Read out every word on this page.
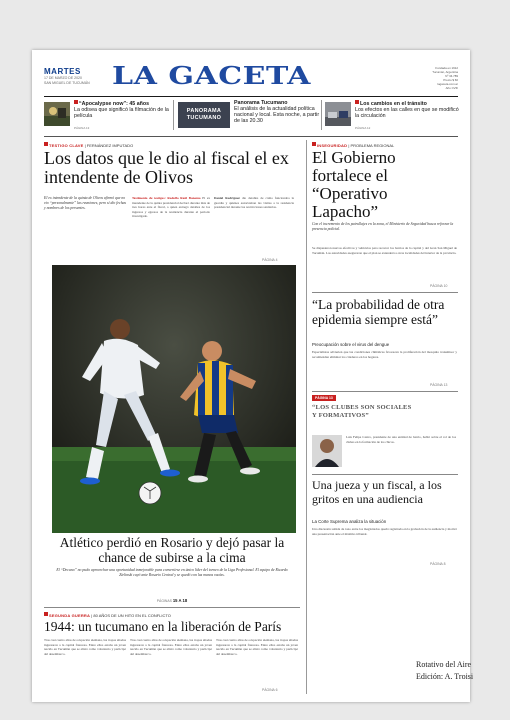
MARTES
17 DE MARZO DE 2020
SAN MIGUEL DE TUCUMÁN LA GACETA	Fundada en 1912
Tucumán, Argentina
Nº 34.789
Precio $ 60
lagaceta.com.ar
Año CVIII
“Apocalypse now”: 45 años
La odisea que significó la filmación de la película
PÁGINA 13
PANORAMA TUCUMANO
Panorama Tucumano
El análisis de la actualidad política nacional y local. Esta noche, a partir de las 20.30
Los cambios en el tránsito
Los efectos en las calles en que se modificó la circulación
PÁGINA 12
TESTIGO CLAVE | FERNÁNDEZ IMPUTADO
Los datos que le dio al fiscal el ex intendente de Olivos
El ex intendente de la quinta de Olivos afirmó que no vio “personalmente” las reuniones, pero sí dio fechas y nombres de los presentes.
Testimonio de testigos: Rodolfo Raúl Bonomo El ex intendente de la quinta presidencial declaró durante más de tres horas ante el fiscal, a quien entregó detalles de los ingresos y egresos de la residencia durante el período investigado.
Daniel Rodríguez dio detalles de cómo funcionaba la guardia y quiénes autorizaban las visitas a la residencia presidencial durante las restricciones sanitarias.
PÁGINA 4
Atlético perdió en Rosario y dejó pasar la chance de subirse a la cima
El “Decano” no pudo aprovechar una oportunidad inmejorable para convertirse en único líder del torneo de la Liga Profesional. El equipo de Ricardo Zielinski cayó ante Rosario Central y se quedó con las manos vacías.
PÁGINAS 15 A 18
SEGUNDA GUERRA | 80 AÑOS DE UN HITO EN EL CONFLICTO
1944: un tucumano en la liberación de París
Tras casi cuatro años de ocupación alemana, las tropas aliadas ingresaron a la capital francesa. Entre ellos estaba un joven nacido en Tucumán que se alistó como voluntario y participó del desembarco.
Tras casi cuatro años de ocupación alemana, las tropas aliadas ingresaron a la capital francesa. Entre ellos estaba un joven nacido en Tucumán que se alistó como voluntario y participó del desembarco.
Tras casi cuatro años de ocupación alemana, las tropas aliadas ingresaron a la capital francesa. Entre ellos estaba un joven nacido en Tucumán que se alistó como voluntario y participó del desembarco.
PÁGINA 6
INSEGURIDAD | PROBLEMA REGIONAL
El Gobierno fortalece el “Operativo Lapacho”
Con el incremento de los patrullajes en la zona, el Ministerio de Seguridad busca reforzar la presencia policial.
Se dispusieron nuevos efectivos y vehículos para recorrer los barrios de la capital y del Gran San Miguel de Tucumán. Las autoridades aseguraron que el plan se extenderá a otras localidades del interior de la provincia.
PÁGINA 10
“La probabilidad de otra epidemia siempre está”
Preocupación sobre el virus del dengue
Especialistas advierten que las condiciones climáticas favorecen la proliferación del mosquito transmisor y recomiendan eliminar los criaderos en los hogares.
PÁGINA 13
PÁGINA 13
“LOS CLUBES SON SOCIALES Y FORMATIVOS”
Luis Felipe Castro, presidente de una entidad de barrio, habló sobre el rol de los clubes en la formación de los chicos.
Una jueza y un fiscal, a los gritos en una audiencia
La Corte Suprema analiza la situación
Una discusión subida de tono entre los magistrados quedó registrada en la grabación de la audiencia y motivó una presentación ante el máximo tribunal.
PÁGINA 8
Rotativo del Aire
Edición: A. Troisi
